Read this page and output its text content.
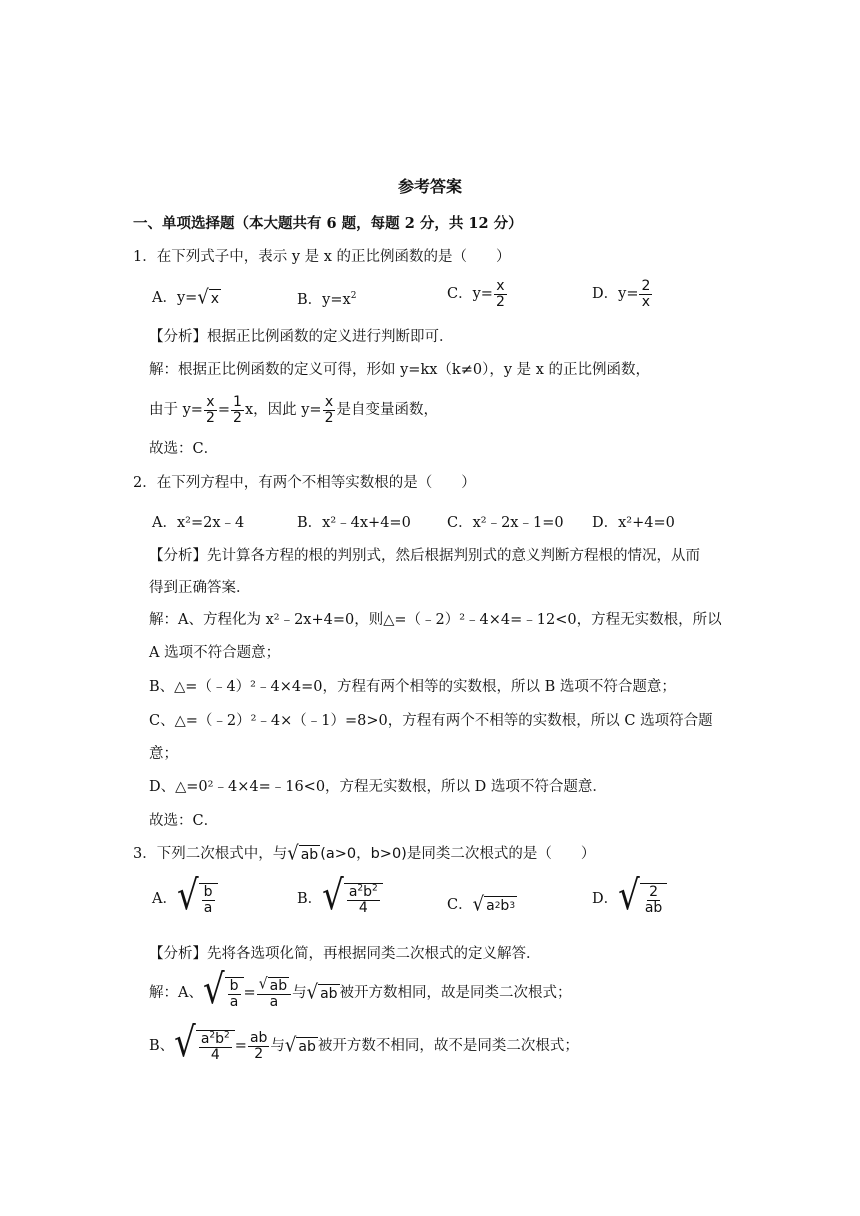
参考答案
一、单项选择题（本大题共有 6 题，每题 2 分，共 12 分）
1．在下列式子中，表示 y 是 x 的正比例函数的是（　　）
A．y= √ x	B．$y=x^2$	C．$y= \frac{x}{2}$	D．$y= \frac{2}{x}$
【分析】根据正比例函数的定义进行判断即可．
解：根据正比例函数的定义可得，形如 y=kx（k≠0），y 是 x 的正比例函数，
由于 $y= \frac{x}{2} = \frac{1}{2}$ x，因此 $y= \frac{x}{2}$ 是自变量函数，
故选：C．
2．在下列方程中，有两个不相等实数根的是（　　）
A．x²=2x﹣4	B．x²﹣4x+4=0 C．x²﹣2x﹣1=0 D．x²+4=0
【分析】先计算各方程的根的判别式，然后根据判别式的意义判断方程根的情况，从而
得到正确答案．
解：A、方程化为 x²﹣2x+4=0，则△=（﹣2）²﹣4×4=﹣12<0，方程无实数根，所以
A 选项不符合题意；
B、△=（﹣4）²﹣4×4=0，方程有两个相等的实数根，所以 B 选项不符合题意；
C、△=（﹣2）²﹣4×（﹣1）=8>0，方程有两个不相等的实数根，所以 C 选项符合题
意；
D、△=0²﹣4×4=﹣16<0，方程无实数根，所以 D 选项不符合题意．
故选：C．
3．下列二次根式中，与 √ ab (a>0，b>0)是同类二次根式的是（　　）
A． √ $\frac{b}{a}$	B． √ $\frac{a^2b^2}{4}$	C． √ a 2 b 3	D． √ $\frac{2}{ab}$
【分析】先将各选项化简，再根据同类二次根式的定义解答．
解：A、 √ $\frac{b}{a} = \frac{√ ab}{a}$ 与 √ ab 被开方数相同，故是同类二次根式；
B、 √ $\frac{a^2b^2}{4} = \frac{ab}{2}$ 与 √ ab 被开方数不相同，故不是同类二次根式；
